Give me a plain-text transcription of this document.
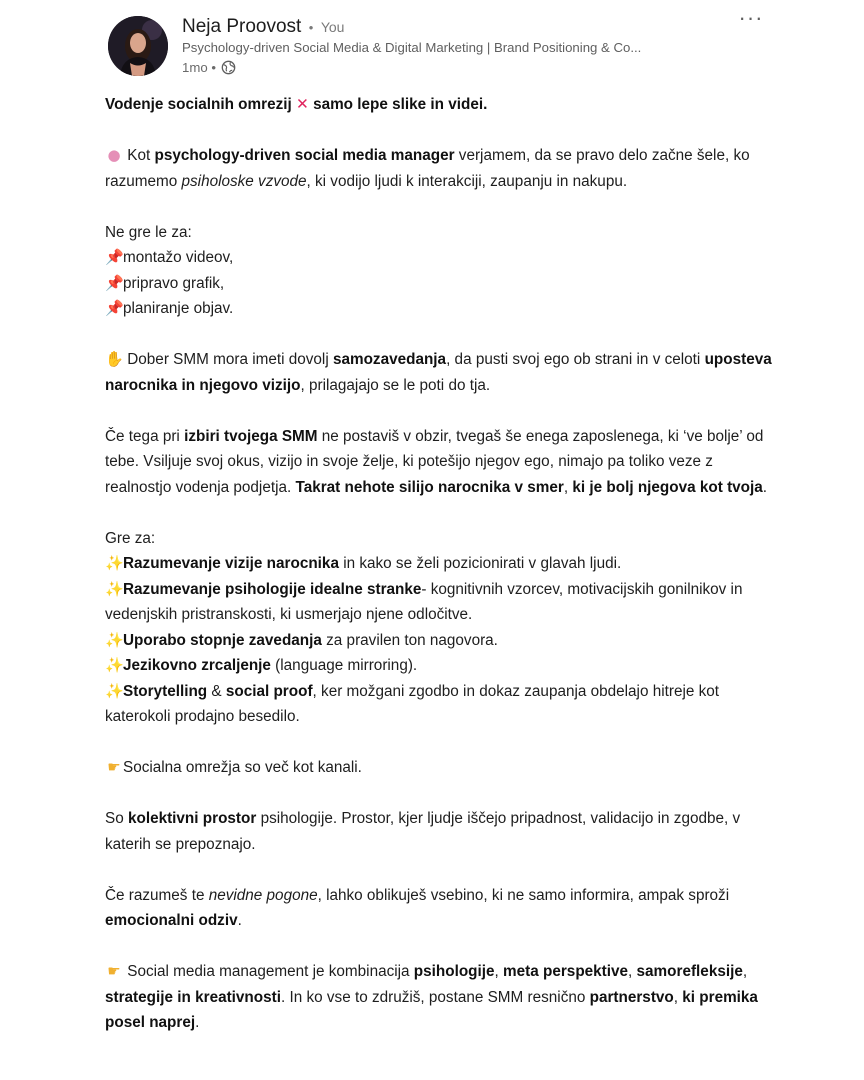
Neja Proovost • You
Psychology-driven Social Media & Digital Marketing | Brand Positioning & Co...
1mo •
···

Vodenje socialnih omrezij ✕ samo lepe slike in videi.

● Kot psychology-driven social media manager verjamem, da se pravo delo začne šele, ko razumemo psiholoske vzvode, ki vodijo ljudi k interakciji, zaupanju in nakupu.

Ne gre le za:

📌montažo videov,

📌pripravo grafik,

📌planiranje objav.

✋ Dober SMM mora imeti dovolj samozavedanja, da pusti svoj ego ob strani in v celoti uposteva narocnika in njegovo vizijo, prilagajajo se le poti do tja.

Če tega pri izbiri tvojega SMM ne postaviš v obzir, tvegaš še enega zaposlenega, ki ‘ve bolje’ od tebe. Vsiljuje svoj okus, vizijo in svoje želje, ki potešijo njegov ego, nimajo pa toliko veze z realnostjo vodenja podjetja. Takrat nehote silijo narocnika v smer, ki je bolj njegova kot tvoja.

Gre za:

✨Razumevanje vizije narocnika in kako se želi pozicionirati v glavah ljudi.

✨Razumevanje psihologije idealne stranke- kognitivnih vzorcev, motivacijskih gonilnikov in vedenjskih pristranskosti, ki usmerjajo njene odločitve.

✨Uporabo stopnje zavedanja za pravilen ton nagovora.

✨Jezikovno zrcaljenje (language mirroring).

✨Storytelling & social proof, ker možgani zgodbo in dokaz zaupanja obdelajo hitreje kot katerokoli prodajno besedilo.

☛ Socialna omrežja so več kot kanali.

So kolektivni prostor psihologije. Prostor, kjer ljudje iščejo pripadnost, validacijo in zgodbe, v katerih se prepoznajo.

Če razumeš te nevidne pogone, lahko oblikuješ vsebino, ki ne samo informira, ampak sproži emocionalni odziv.

☛ Social media management je kombinacija psihologije, meta perspektive, samorefleksije, strategije in kreativnosti. In ko vse to združiš, postane SMM resnično partnerstvo, ki premika posel naprej.
